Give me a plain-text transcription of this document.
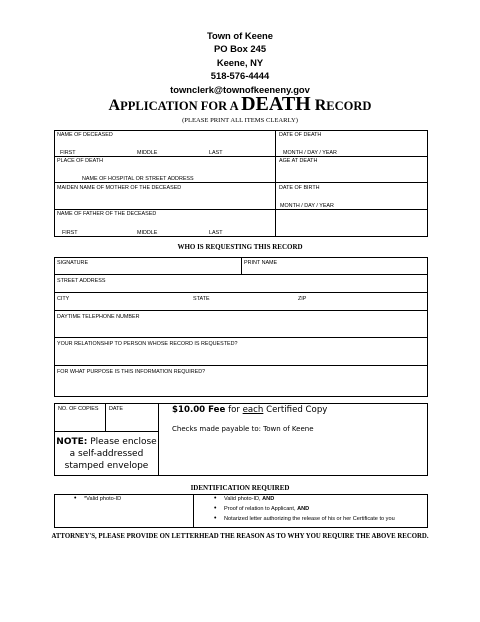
Town of Keene
PO Box 245
Keene, NY
518-576-4444
townclerk@townofkeeneny.gov
APPLICATION FOR A DEATH RECORD
(PLEASE PRINT ALL ITEMS CLEARLY)
NAME OF DECEASED
FIRST	MIDDLE	LAST
DATE OF DEATH
MONTH / DAY / YEAR
PLACE OF DEATH
NAME OF HOSPITAL OR STREET ADDRESS
AGE AT DEATH
MAIDEN NAME OF MOTHER OF THE DECEASED	DATE OF BIRTH
MONTH / DAY / YEAR
NAME OF FATHER OF THE DECEASED
FIRST	MIDDLE	LAST
WHO IS REQUESTING THIS RECORD
SIGNATURE	PRINT NAME
STREET ADDRESS
CITY	STATE	ZIP
DAYTIME TELEPHONE NUMBER
YOUR RELATIONSHIP TO PERSON WHOSE RECORD IS REQUESTED?
FOR WHAT PURPOSE IS THIS INFORMATION REQUIRED?
NO. OF COPIES DATE	$10.00 Fee for each Certified Copy
Checks made payable to: Town of Keene
NOTE: Please enclose a self-addressed stamped envelope
IDENTIFICATION REQUIRED
• *Valid photo-ID
•	Valid photo-ID, AND
• Proof of relation to Applicant, AND
• Notarized letter authorizing the release of his or her Certificate to you
ATTORNEY'S, PLEASE PROVIDE ON LETTERHEAD THE REASON AS TO WHY YOU REQUIRE THE ABOVE RECORD.
